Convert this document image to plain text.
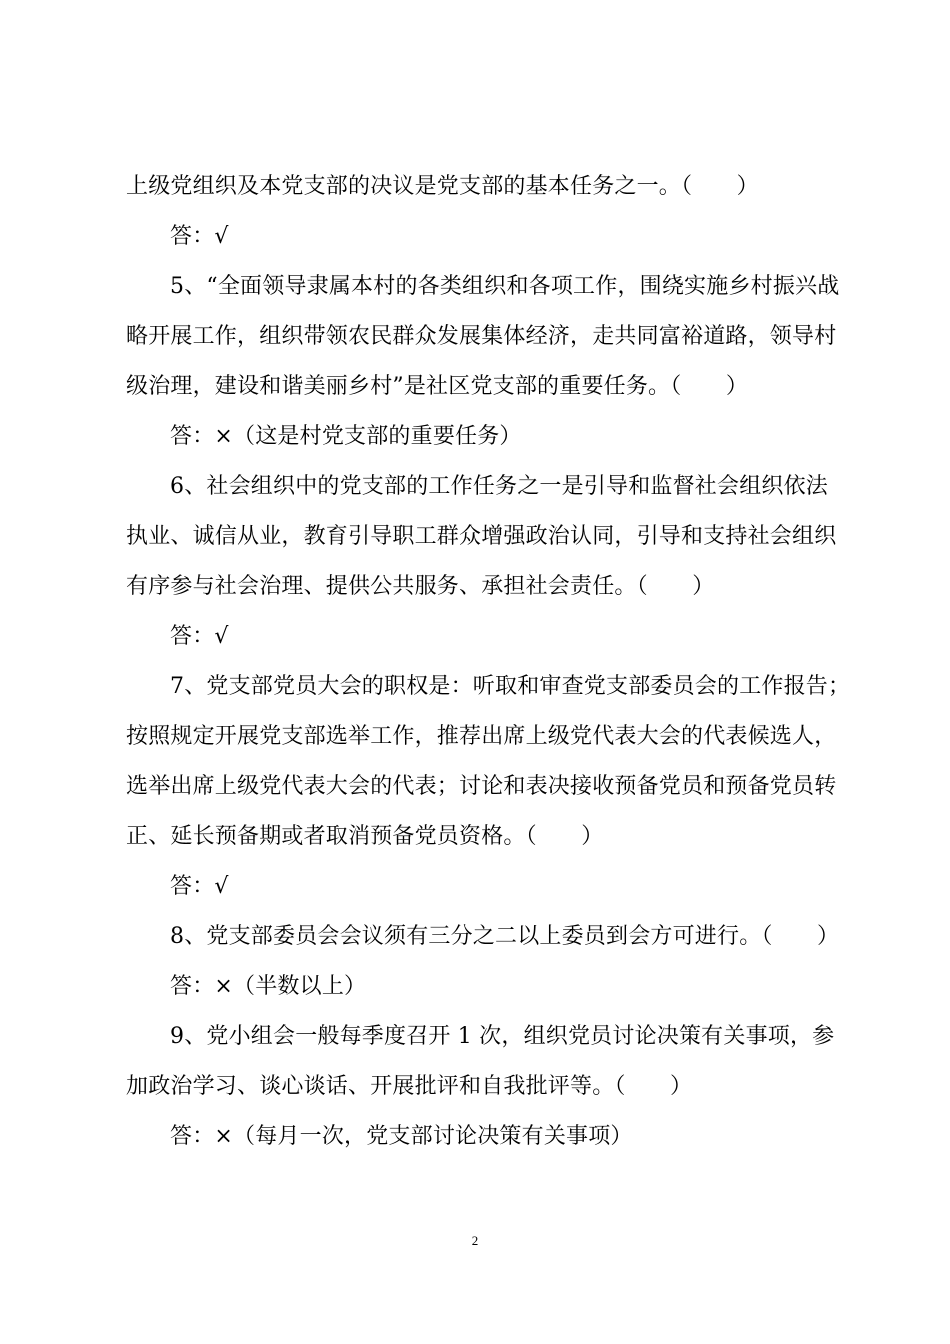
上级党组织及本党支部的决议是党支部的基本任务之一。（　　）
答：√
5、“全面领导隶属本村的各类组织和各项工作，围绕实施乡村振兴战
略开展工作，组织带领农民群众发展集体经济，走共同富裕道路，领导村
级治理，建设和谐美丽乡村”是社区党支部的重要任务。（　　）
答：×（这是村党支部的重要任务）
6、社会组织中的党支部的工作任务之一是引导和监督社会组织依法
执业、诚信从业，教育引导职工群众增强政治认同，引导和支持社会组织
有序参与社会治理、提供公共服务、承担社会责任。（　　）
答：√
7、党支部党员大会的职权是：听取和审查党支部委员会的工作报告；
按照规定开展党支部选举工作，推荐出席上级党代表大会的代表候选人，
选举出席上级党代表大会的代表；讨论和表决接收预备党员和预备党员转
正、延长预备期或者取消预备党员资格。（　　）
答：√
8、党支部委员会会议须有三分之二以上委员到会方可进行。（　　）
答：×（半数以上）
9、党小组会一般每季度召开 1 次，组织党员讨论决策有关事项，参
加政治学习、谈心谈话、开展批评和自我批评等。（　　）
答：×（每月一次，党支部讨论决策有关事项）
2
